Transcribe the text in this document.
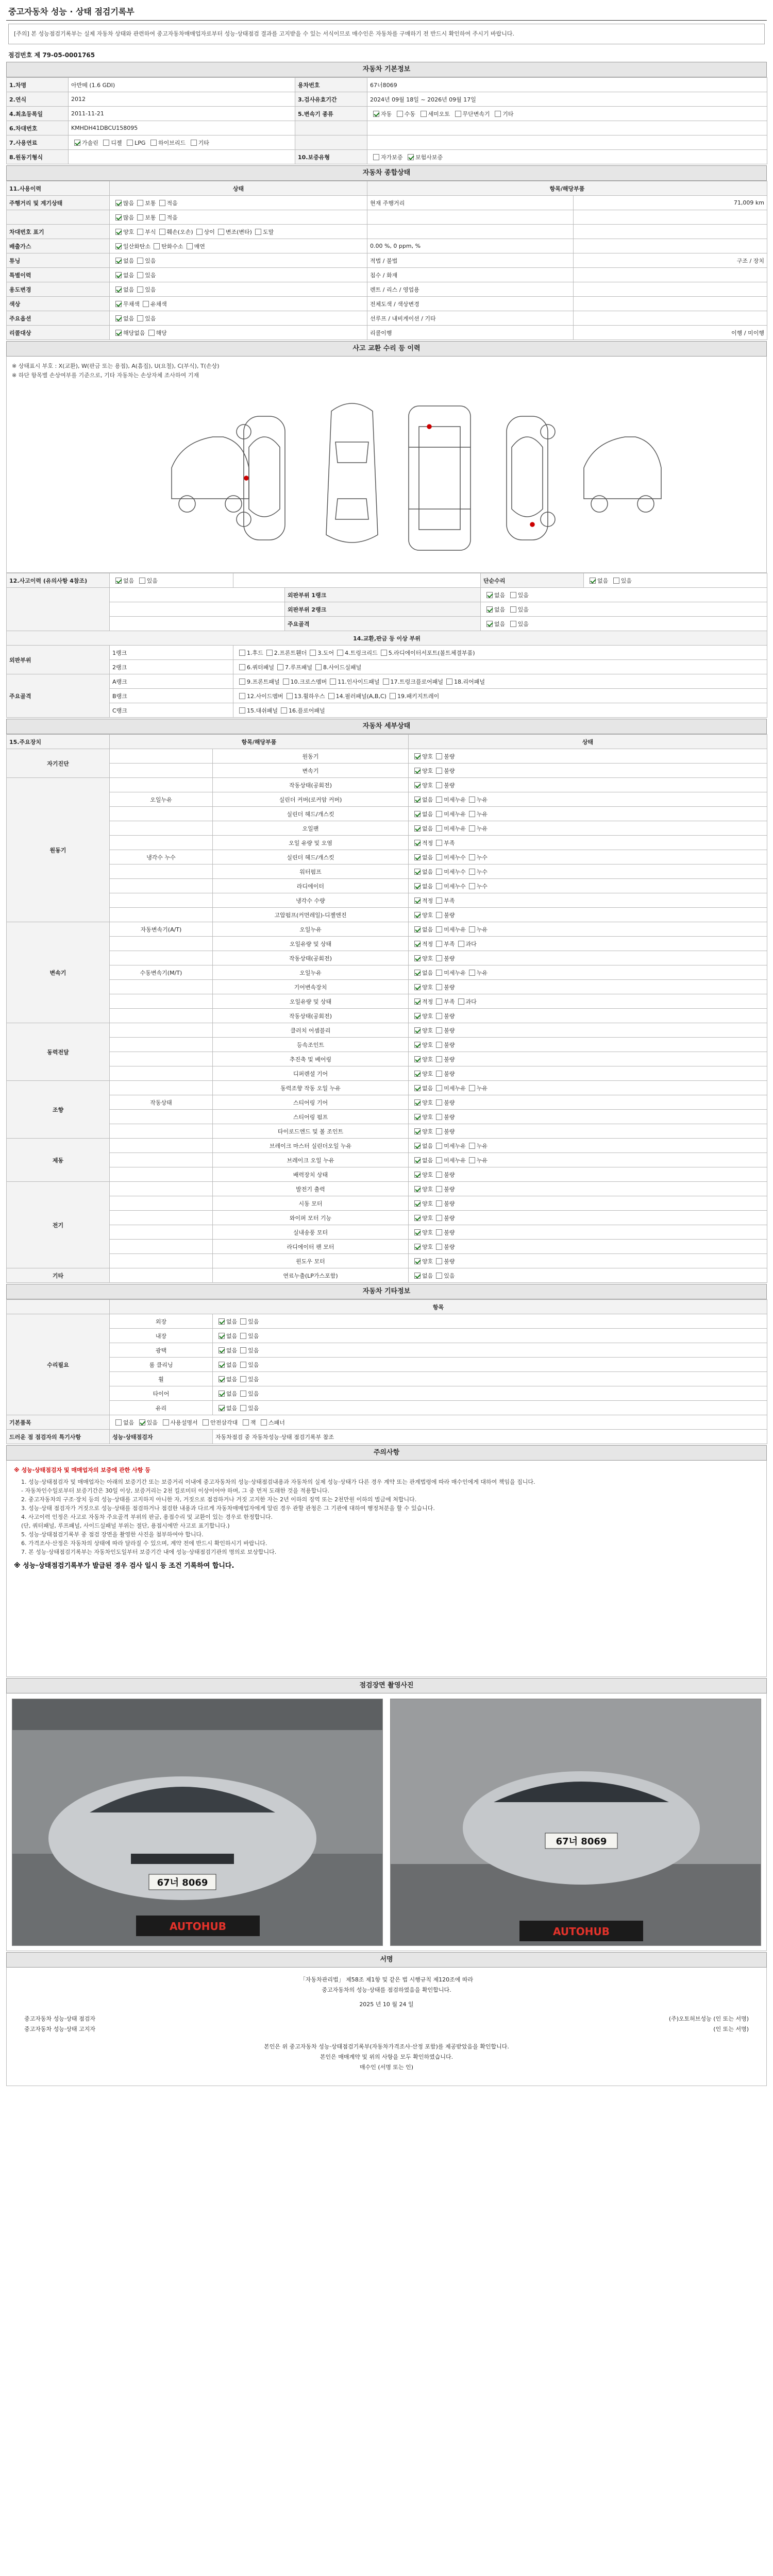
중고자동차 성능 · 상태 점검기록부
[주의] 본 성능점검기록부는 실제 자동차 상태와 관련하여 중고자동차매매업자로부터 성능·상태점검 결과를 고지받을 수 있는 서식이므로 매수인은 자동차를 구매하기 전 반드시 확인하여 주시기 바랍니다.
점검번호 제 79-05-0001765
자동차 기본정보
1.차명	아반떼 (1.6 GDI)	용차번호	67너8069
2.연식	2012	3.검사유효기간	2024년 09월 18일 ~ 2026년 09월 17일
4.최초등록일	2011-11-21	5.변속기 종류	자동 수동 세미오토 무단변속기 기타
6.차대번호	KMHDH41DBCU158095		
7.사용연료	가솔린 디젤 LPG 하이브리드 기타		
8.원동기형식		10.보증유형	자가보증 보험사보증
자동차 종합상태
11.사용이력	상태	항목/해당부품	
주행거리 및 계기상태	많음 보통 적음	현재 주행거리	71,009 km
	많음 보통 적음		
차대번호 표기	양호 부식 훼손(오손) 상이 변조(변타) 도말		
배출가스	일산화탄소 탄화수소 매연	0.00 %, 0 ppm, %	
튜닝	없음 있음	적법 / 불법	구조 / 장치
특별이력	없음 있음	침수 / 화재	
용도변경	없음 있음	렌트 / 리스 / 영업용	
색상	무채색 유채색	전체도색 / 색상변경	
주요옵션	없음 있음	선루프 / 내비게이션 / 기타	
리콜대상	해당없음 해당	리콜이행	이행 / 미이행
사고 교환 수리 등 이력
※ 상태표시 부호 : X(교환), W(판금 또는 용접), A(흠집), U(요철), C(부식), T(손상)
※ 하단 항목별 손상여부를 기준으로, 기타 자동차는 손상자체 조사하여 기재
12.사고이력 (유의사항 4참조)	없음 있음			단순수리	없음 있음
			외판부위 1랭크	없음 있음	
			외판부위 2랭크	없음 있음	
			주요골격	없음 있음	
14.교환,판금 등 이상 부위					
외판부위	1랭크	1.후드 2.프론트휀더 3.도어 4.트렁크리드 5.라디에이터서포트(볼트체결부품)			
	2랭크	6.쿼터패널 7.루프패널 8.사이드실패널			
주요골격	A랭크	9.프론트패널 10.크로스멤버 11.인사이드패널 17.트렁크플로어패널 18.리어패널			
	B랭크	12.사이드멤버 13.휠하우스 14.필러패널(A,B,C) 19.패키지트레이			
	C랭크	15.대쉬패널 16.플로어패널			
자동차 세부상태
15.주요장치	항목/해당부품		상태
자기진단		원동기	양호 불량
		변속기	양호 불량
원동기		작동상태(공회전)	양호 불량
	오일누유	실린더 커버(로커암 커버)	없음 미세누유 누유
		실린더 헤드/개스킷	없음 미세누유 누유
		오일팬	없음 미세누유 누유
		오일 유량 및 오염	적정 부족
	냉각수 누수	실린더 헤드/개스킷	없음 미세누수 누수
		워터펌프	없음 미세누수 누수
		라디에이터	없음 미세누수 누수
		냉각수 수량	적정 부족
		고압펌프(커먼레일)-디젤엔진	양호 불량
변속기	자동변속기(A/T)	오일누유	없음 미세누유 누유
		오일유량 및 상태	적정 부족 과다
		작동상태(공회전)	양호 불량
	수동변속기(M/T)	오일누유	없음 미세누유 누유
		기어변속장치	양호 불량
		오일유량 및 상태	적정 부족 과다
		작동상태(공회전)	양호 불량
동력전달		클러치 어셈블리	양호 불량
		등속조인트	양호 불량
		추진축 및 베어링	양호 불량
		디퍼렌셜 기어	양호 불량
조향		동력조향 작동 오일 누유	없음 미세누유 누유
	작동상태	스티어링 기어	양호 불량
		스티어링 펌프	양호 불량
		타이로드엔드 및 볼 조인트	양호 불량
제동		브레이크 마스터 실린더오일 누유	없음 미세누유 누유
		브레이크 오일 누유	없음 미세누유 누유
		배력장치 상태	양호 불량
전기		발전기 출력	양호 불량
		시동 모터	양호 불량
		와이퍼 모터 기능	양호 불량
		실내송풍 모터	양호 불량
		라디에이터 팬 모터	양호 불량
		윈도우 모터	양호 불량
기타		연료누출(LP가스포함)	없음 있음
자동차 기타정보
	항목	
수리필요	외장	없음 있음
	내장	없음 있음
	광택	없음 있음
	룸 클리닝	없음 있음
	휠	없음 있음
	타이어	없음 있음
	유리	없음 있음
기본품목	없음 있음 사용설명서 안전삼각대 잭 스패너	
드러운 점 점검자의 특기사항	성능·상태점검자	자동차점검 중 자동차성능·상태 점검기록부 참조
주의사항
※ 성능·상태점검자 및 매매업자의 보증에 관한 사항 등
1. 성능·상태점검자 및 매매업자는 아래의 보증기간 또는 보증거리 이내에 중고자동차의 성능·상태점검내용과 자동차의 실제 성능·상태가 다른 경우 계약 또는 관계법령에 따라 매수인에게 대하여 책임을 집니다.
- 자동차인수일로부터 보증기간은 30일 이상, 보증거리는 2천 킬로미터 이상이어야 하며, 그 중 먼저 도래한 것을 적용합니다.
2. 중고자동차의 구조·장치 등의 성능·상태를 고지하지 아니한 자, 거짓으로 점검하거나 거짓 고지한 자는 2년 이하의 징역 또는 2천만원 이하의 벌금에 처합니다.
3. 성능·상태 점검자가 거짓으로 성능·상태를 점검하거나 점검한 내용과 다르게 자동차매매업자에게 알린 경우 관할 관청은 그 기관에 대하여 행정처분을 할 수 있습니다.
4. 사고이력 인정은 사고로 자동차 주요골격 부위의 판금, 용접수리 및 교환이 있는 경우로 한정합니다.
(단, 쿼터패널, 루프패널, 사이드실패널 부위는 절단, 용접시에만 사고로 표기합니다.)
5. 성능·상태점검기록부 중 점검 장면을 촬영한 사진을 첨부하여야 합니다.
6. 가격조사·산정은 자동차의 상태에 따라 달라질 수 있으며, 계약 전에 반드시 확인하시기 바랍니다.
7. 본 성능·상태점검기록부는 자동차인도일부터 보증기간 내에 성능·상태점검기관의 명의로 보상합니다.
※ 성능·상태점검기록부가 발급된 경우 검사 일시 등 조건 기록하여 합니다.
점검장면 촬영사진
67너 8069
AUTOHUB
67너 8069
AUTOHUB
서명
「자동차관리법」 제58조 제1항 및 같은 법 시행규칙 제120조에 따라
중고자동차의 성능·상태를 점검하였음을 확인합니다.
2025 년 10 월 24 일
중고자동차 성능·상태 점검자	(주)오토허브성능 (인 또는 서명)
중고자동차 성능·상태 고지자	(인 또는 서명)
본인은 위 중고자동차 성능·상태점검기록부(자동차가격조사·산정 포함)를 제공받았음을 확인합니다.
본인은 매매계약 및 위의 사항을 모두 확인하였습니다.
매수인 (서명 또는 인)
